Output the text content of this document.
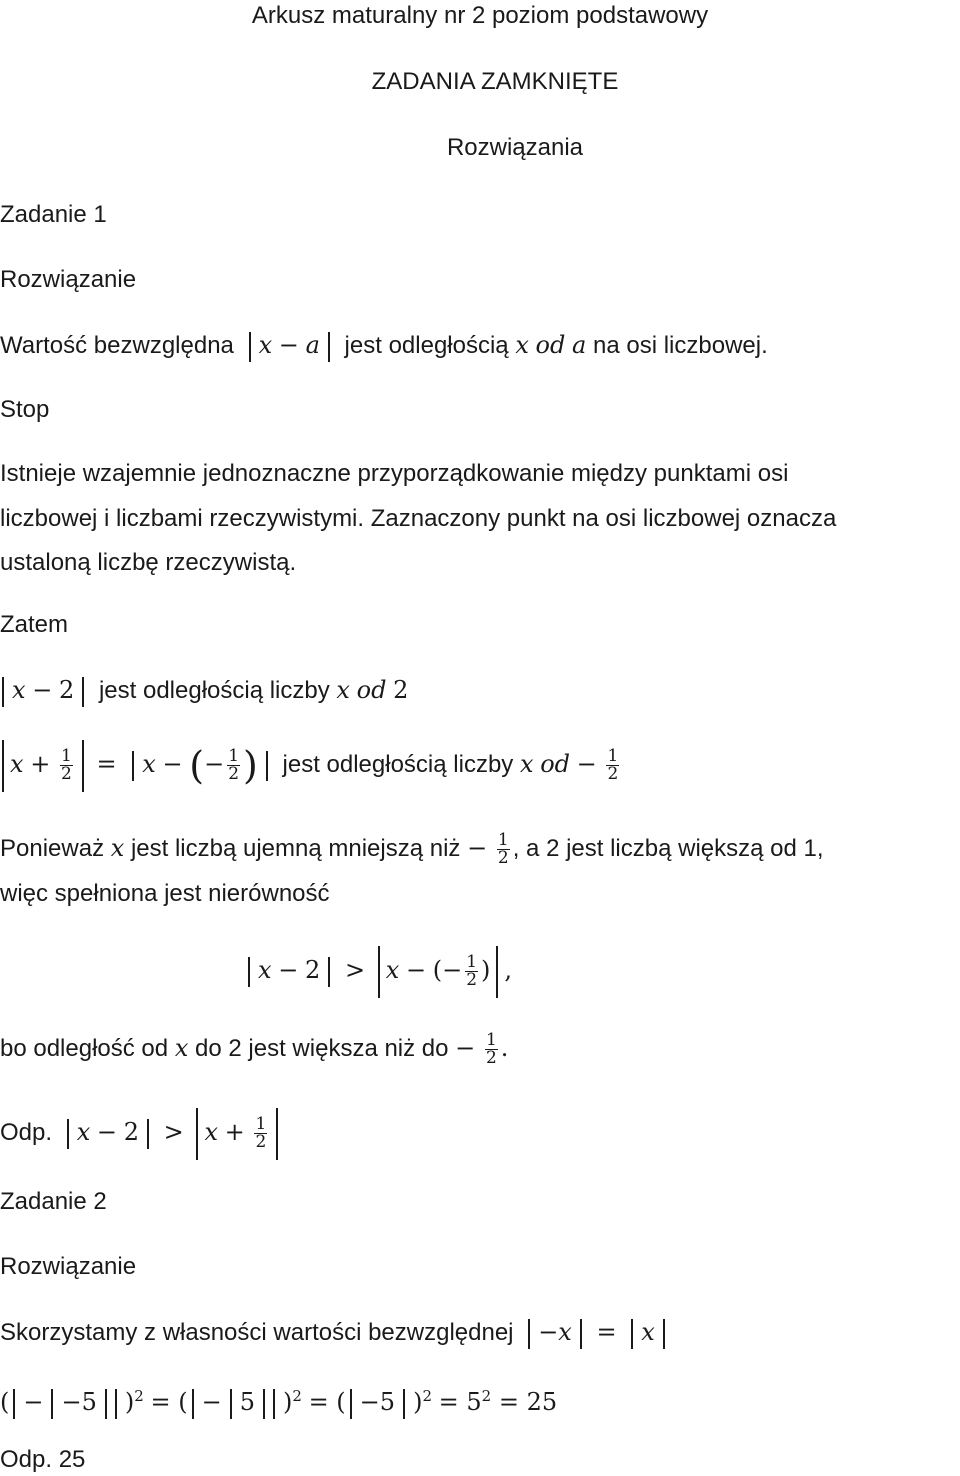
Arkusz maturalny nr 2 poziom podstawowy
ZADANIA ZAMKNIĘTE
Rozwiązania
Zadanie 1
Rozwiązanie
Wartość bezwzględna x − a jest odległością x od a na osi liczbowej.
Stop
Istnieje wzajemnie jednoznaczne przyporządkowanie między punktami osi
liczbowej i liczbami rzeczywistymi. Zaznaczony punkt na osi liczbowej oznacza
ustaloną liczbę rzeczywistą.
Zatem
x − 2 jest odległością liczby x od 2
$x + \frac{1}{2} = x$ − (− $\frac{1}{2}$ ) jest odległością liczby x od − $\frac{1}{2}$
Ponieważ x jest liczbą ujemną mniejszą niż − $\frac{1}{2}$ , a 2 jest liczbą większą od 1,
więc spełniona jest nierówność
x − 2 > x − (− $\frac{1}{2}$ ) ,
bo odległość od x do 2 jest większa niż do − $\frac{1}{2}$ .
Odp. $x - 2 > x + \frac{1}{2}$
Zadanie 2
Rozwiązanie
Skorzystamy z własności wartości bezwzględnej −x = x
( − −5 )$^2$ = ( − 5 )$^2$ = ( −5 )$^2 = 5^2 = 25$
Odp. 25
